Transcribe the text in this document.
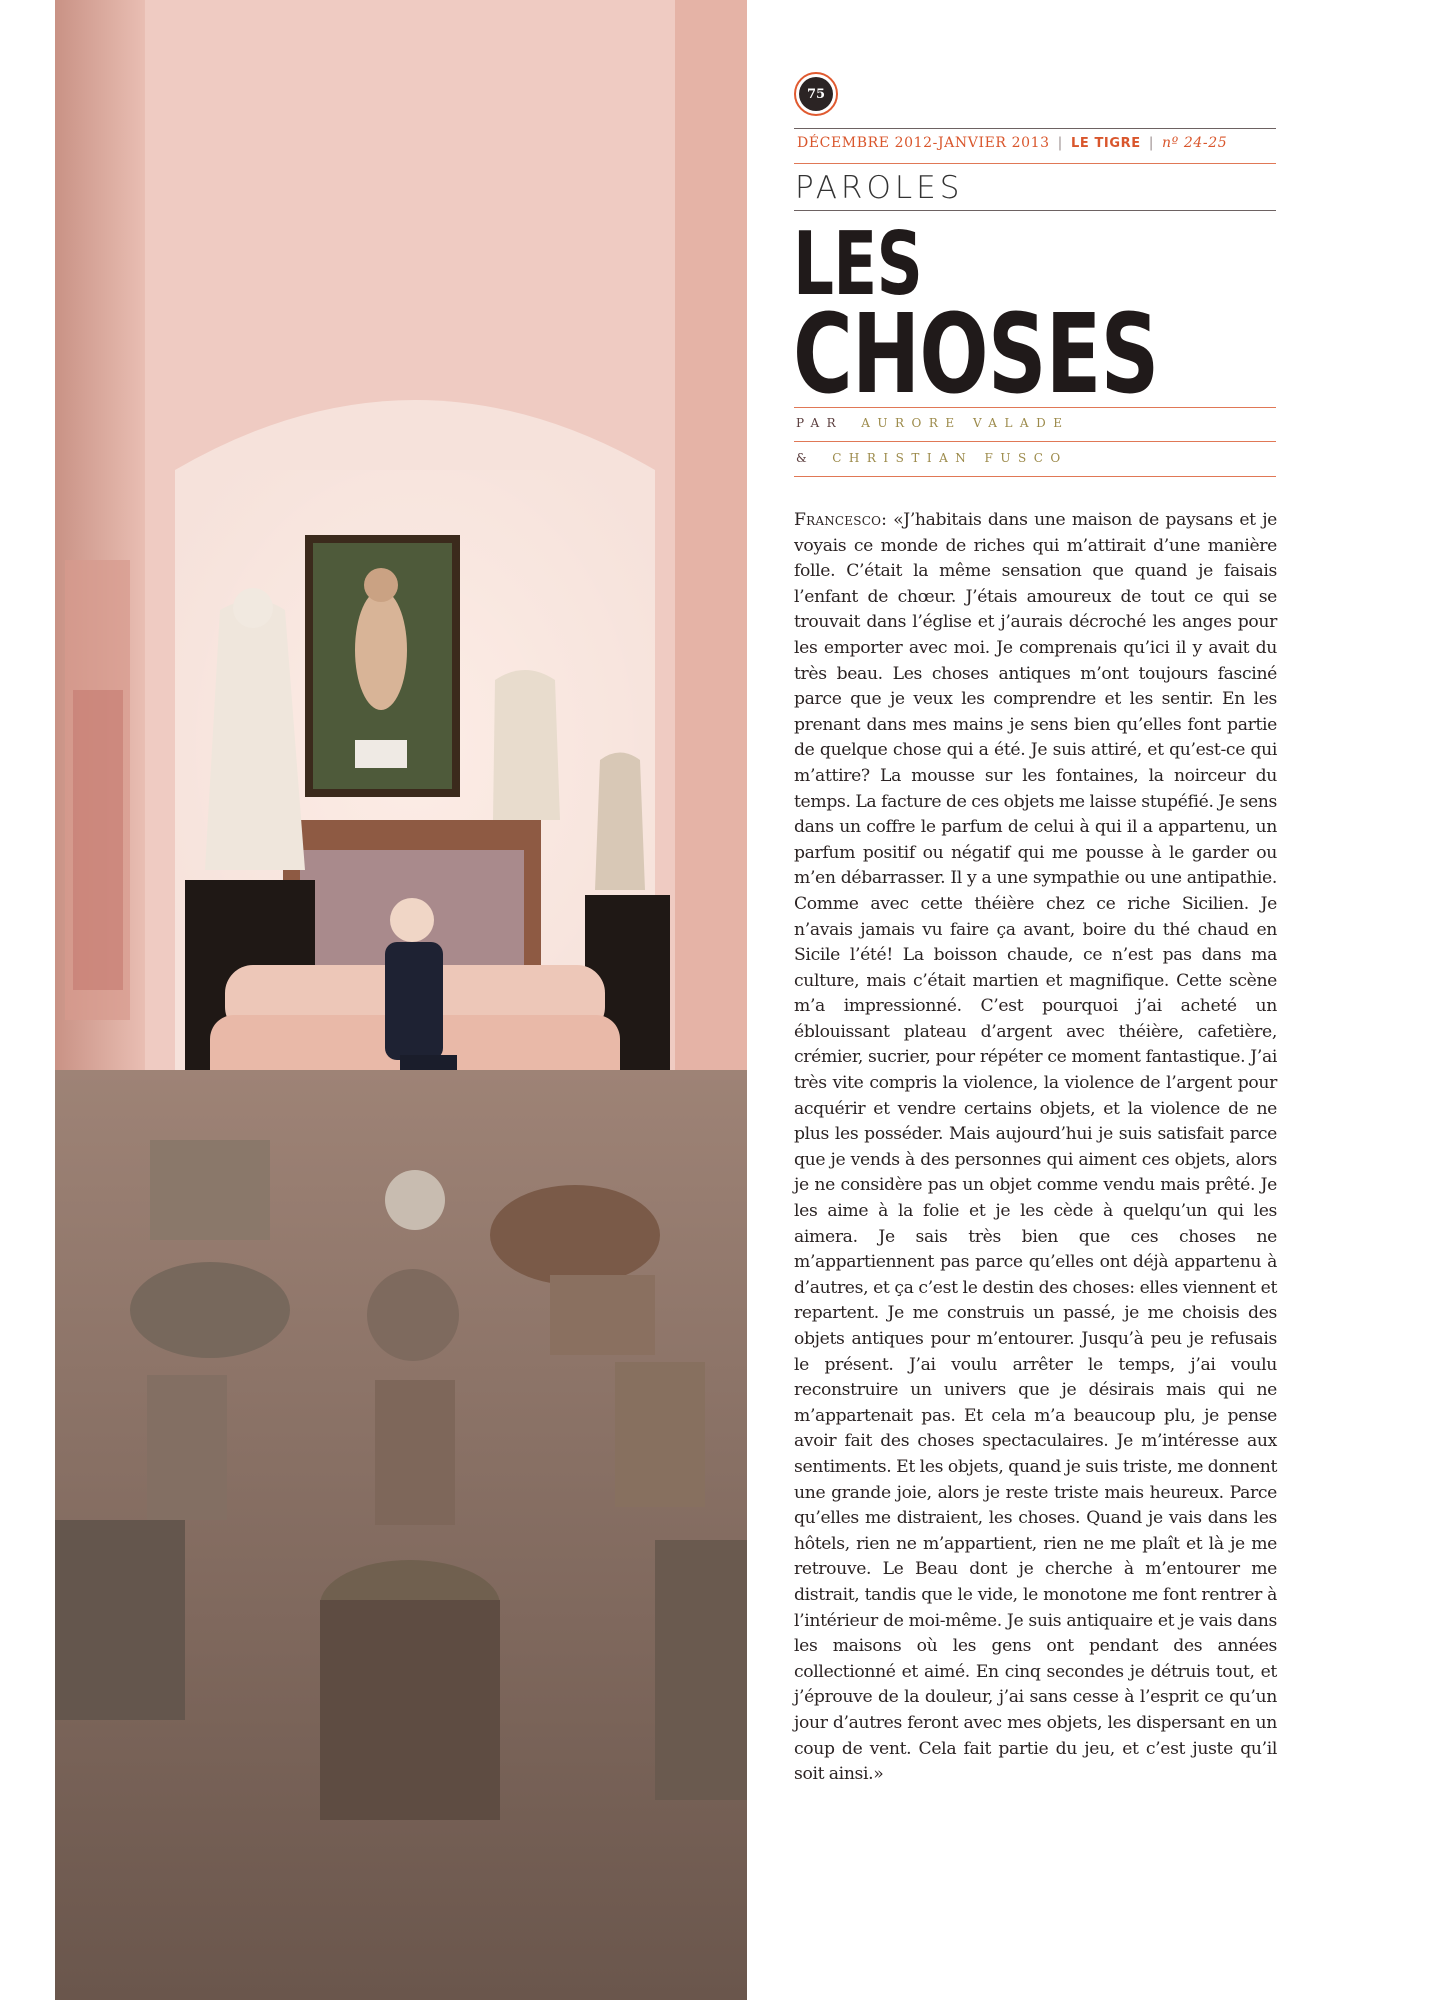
75
DÉCEMBRE 2012-JANVIER 2013 | LE TIGRE | nº 24-25
PAROLES
LES
CHOSES
PAR AURORE VALADE
& CHRISTIAN FUSCO
Francesco: «J’habitais dans une maison de paysans et je voyais ce monde de riches qui m’attirait d’une manière folle. C’était la même sensation que quand je faisais l’enfant de chœur. J’étais amoureux de tout ce qui se trouvait dans l’église et j’aurais décroché les anges pour les emporter avec moi. Je comprenais qu’ici il y avait du très beau. Les choses antiques m’ont toujours fasciné parce que je veux les comprendre et les sentir. En les prenant dans mes mains je sens bien qu’elles font partie de quelque chose qui a été. Je suis attiré, et qu’est-ce qui m’attire? La mousse sur les fontaines, la noirceur du temps. La facture de ces objets me laisse stupéfié. Je sens dans un coffre le parfum de celui à qui il a appartenu, un parfum positif ou négatif qui me pousse à le garder ou m’en débarrasser. Il y a une sympathie ou une antipathie. Comme avec cette théière chez ce riche Sicilien. Je n’avais jamais vu faire ça avant, boire du thé chaud en Sicile l’été! La boisson chaude, ce n’est pas dans ma culture, mais c’était martien et magnifique. Cette scène m’a impressionné. C’est pourquoi j’ai acheté un éblouissant plateau d’argent avec théière, cafetière, crémier, sucrier, pour répéter ce moment fantastique. J’ai très vite compris la violence, la violence de l’argent pour acquérir et vendre certains objets, et la violence de ne plus les posséder. Mais aujourd’hui je suis satisfait parce que je vends à des personnes qui aiment ces objets, alors je ne considère pas un objet comme vendu mais prêté. Je les aime à la folie et je les cède à quelqu’un qui les aimera. Je sais très bien que ces choses ne m’appartiennent pas parce qu’elles ont déjà appartenu à d’autres, et ça c’est le destin des choses: elles viennent et repartent. Je me construis un passé, je me choisis des objets antiques pour m’entourer. Jusqu’à peu je refusais le présent. J’ai voulu arrêter le temps, j’ai voulu reconstruire un univers que je désirais mais qui ne m’appartenait pas. Et cela m’a beaucoup plu, je pense avoir fait des choses spectaculaires. Je m’intéresse aux sentiments. Et les objets, quand je suis triste, me donnent une grande joie, alors je reste triste mais heureux. Parce qu’elles me distraient, les choses. Quand je vais dans les hôtels, rien ne m’appartient, rien ne me plaît et là je me retrouve. Le Beau dont je cherche à m’entourer me distrait, tandis que le vide, le monotone me font rentrer à l’intérieur de moi-même. Je suis antiquaire et je vais dans les maisons où les gens ont pendant des années collectionné et aimé. En cinq secondes je détruis tout, et j’éprouve de la douleur, j’ai sans cesse à l’esprit ce qu’un jour d’autres feront avec mes objets, les dispersant en un coup de vent. Cela fait partie du jeu, et c’est juste qu’il soit ainsi.»
